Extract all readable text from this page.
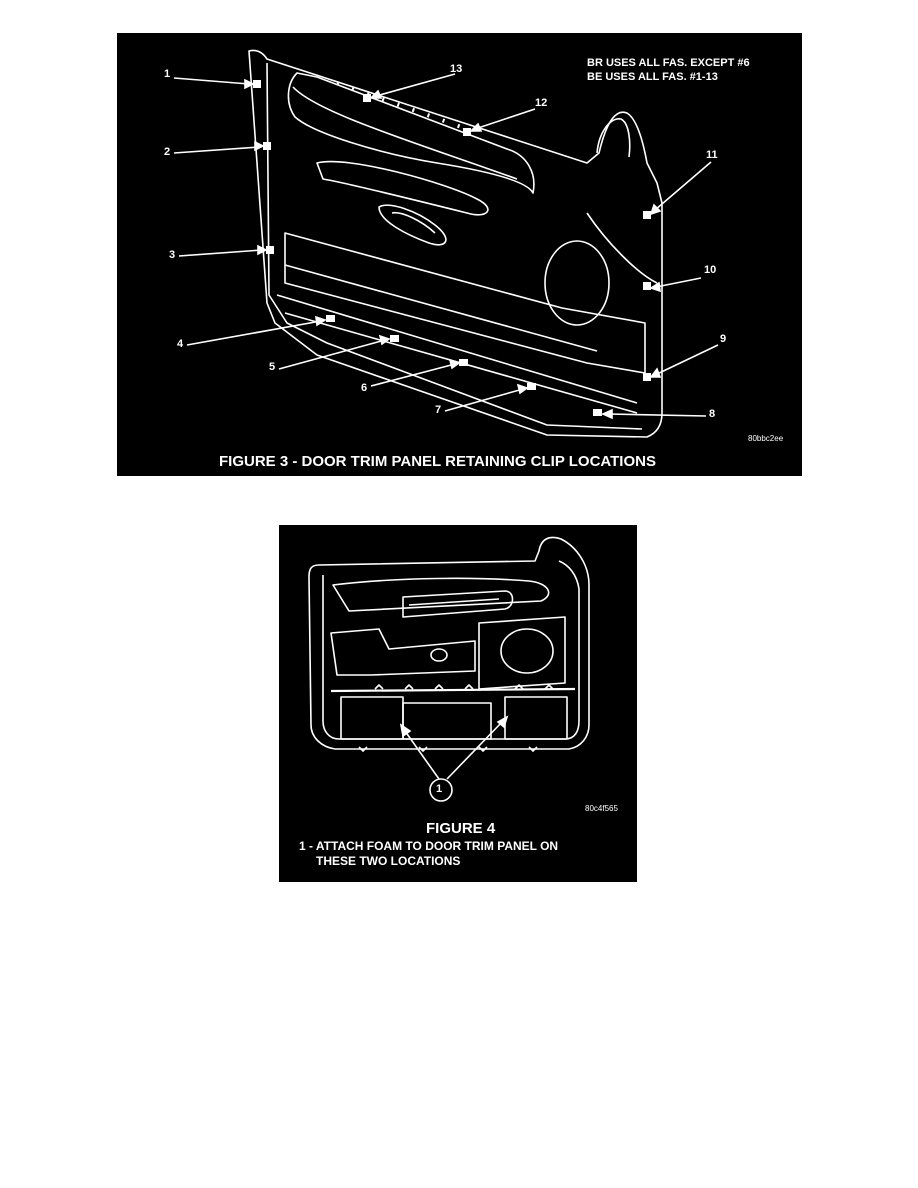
1
2
3
4
5
6
7	8
9
10
11
12
13	BR USES ALL FAS. EXCEPT #6
BE USES ALL FAS. #1-13
80bbc2ee
FIGURE 3 - DOOR TRIM PANEL RETAINING CLIP LOCATIONS
1
80c4f565
FIGURE 4
1 - ATTACH FOAM TO DOOR TRIM PANEL ON
THESE TWO LOCATIONS
